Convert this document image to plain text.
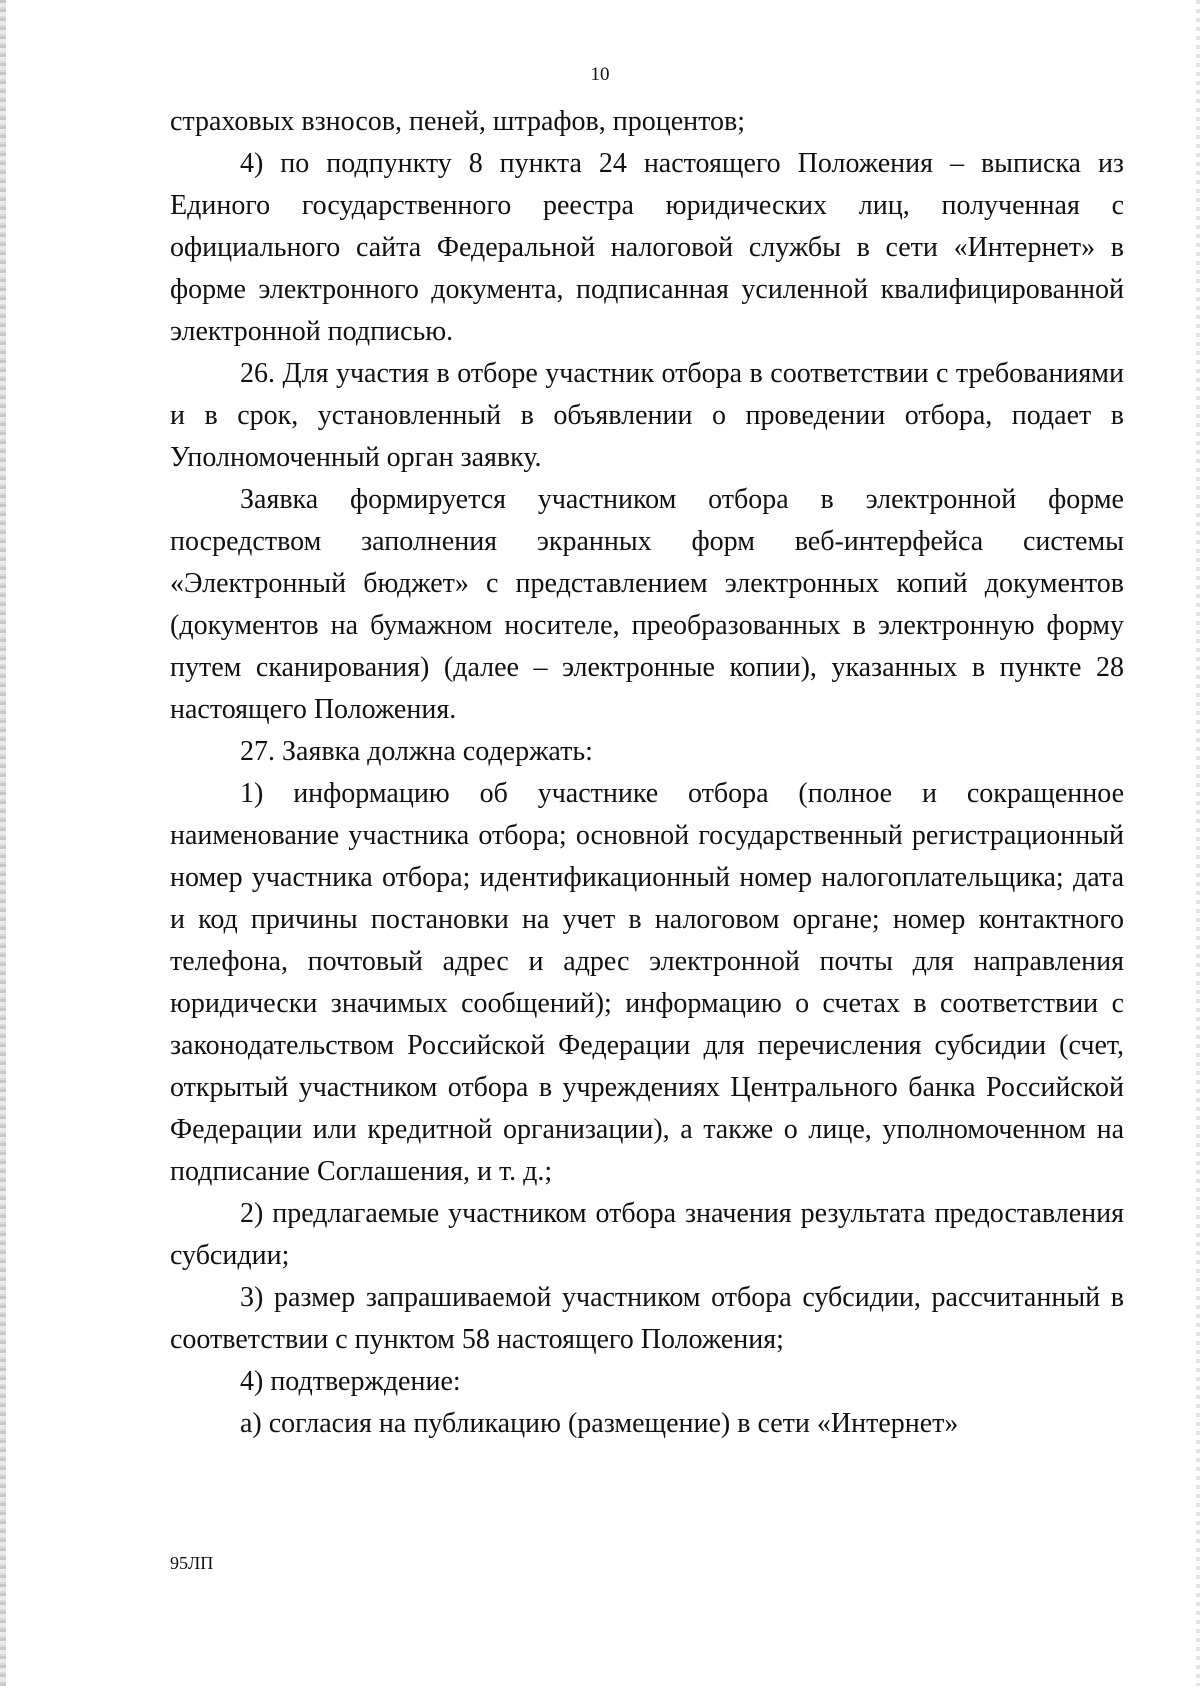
10

страховых взносов, пеней, штрафов, процентов;

4) по подпункту 8 пункта 24 настоящего Положения – выписка из Единого государственного реестра юридических лиц, полученная с официального сайта Федеральной налоговой службы в сети «Интернет» в форме электронного документа, подписанная усиленной квалифицированной электронной подписью.

26. Для участия в отборе участник отбора в соответствии с требованиями и в срок, установленный в объявлении о проведении отбора, подает в Уполномоченный орган заявку.

Заявка формируется участником отбора в электронной форме посредством заполнения экранных форм веб-интерфейса системы «Электронный бюджет» с представлением электронных копий документов (документов на бумажном носителе, преобразованных в электронную форму путем сканирования) (далее – электронные копии), указанных в пункте 28 настоящего Положения.

27. Заявка должна содержать:

1) информацию об участнике отбора (полное и сокращенное наименование участника отбора; основной государственный регистрационный номер участника отбора; идентификационный номер налогоплательщика; дата и код причины постановки на учет в налоговом органе; номер контактного телефона, почтовый адрес и адрес электронной почты для направления юридически значимых сообщений); информацию о счетах в соответствии с законодательством Российской Федерации для перечисления субсидии (счет, открытый участником отбора в учреждениях Центрального банка Российской Федерации или кредитной организации), а также о лице, уполномоченном на подписание Соглашения, и т. д.;

2) предлагаемые участником отбора значения результата предоставления субсидии;

3) размер запрашиваемой участником отбора субсидии, рассчитанный в соответствии с пунктом 58 настоящего Положения;

4) подтверждение:

а) согласия на публикацию (размещение) в сети «Интернет»

95ЛП
